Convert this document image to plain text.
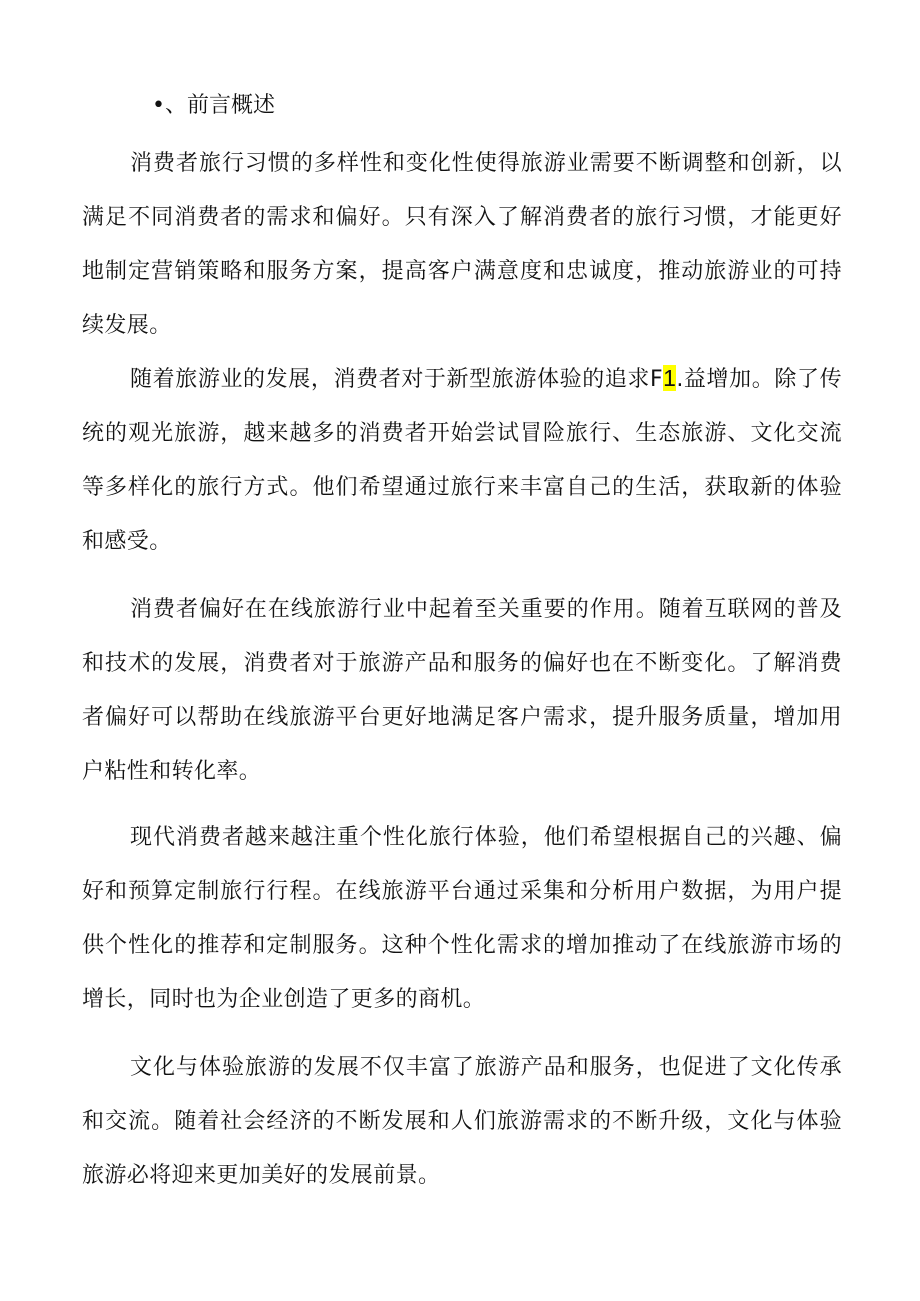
•、前言概述

消费者旅行习惯的多样性和变化性使得旅游业需要不断调整和创新，以满足不同消费者的需求和偏好。只有深入了解消费者的旅行习惯，才能更好地制定营销策略和服务方案，提高客户满意度和忠诚度，推动旅游业的可持续发展。

随着旅游业的发展，消费者对于新型旅游体验的追求F1.益增加。除了传统的观光旅游，越来越多的消费者开始尝试冒险旅行、生态旅游、文化交流等多样化的旅行方式。他们希望通过旅行来丰富自己的生活，获取新的体验和感受。

消费者偏好在在线旅游行业中起着至关重要的作用。随着互联网的普及和技术的发展，消费者对于旅游产品和服务的偏好也在不断变化。了解消费者偏好可以帮助在线旅游平台更好地满足客户需求，提升服务质量，增加用户粘性和转化率。

现代消费者越来越注重个性化旅行体验，他们希望根据自己的兴趣、偏好和预算定制旅行行程。在线旅游平台通过采集和分析用户数据，为用户提供个性化的推荐和定制服务。这种个性化需求的增加推动了在线旅游市场的增长，同时也为企业创造了更多的商机。

文化与体验旅游的发展不仅丰富了旅游产品和服务，也促进了文化传承和交流。随着社会经济的不断发展和人们旅游需求的不断升级，文化与体验旅游必将迎来更加美好的发展前景。
